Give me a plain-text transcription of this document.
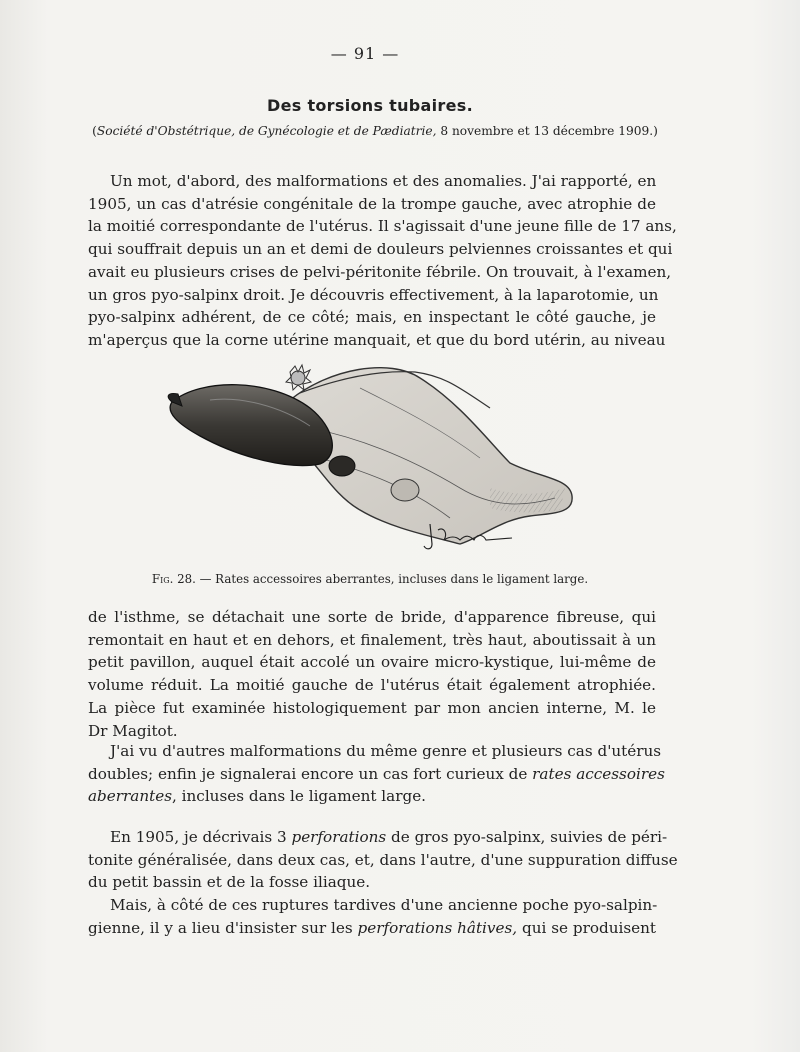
— 91 —
Des torsions tubaires.
(Société d'Obstétrique, de Gynécologie et de Pædiatrie, 8 novembre et 13 décembre 1909.)
Un mot, d'abord, des malformations et des anomalies. J'ai rapporté, en
1905, un cas d'atrésie congénitale de la trompe gauche, avec atrophie de
la moitié correspondante de l'utérus. Il s'agissait d'une jeune fille de 17 ans,
qui souffrait depuis un an et demi de douleurs pelviennes croissantes et qui
avait eu plusieurs crises de pelvi-péritonite fébrile. On trouvait, à l'examen,
un gros pyo-salpinx droit. Je découvris effectivement, à la laparotomie, un
pyo-salpinx adhérent, de ce côté; mais, en inspectant le côté gauche, je
m'aperçus que la corne utérine manquait, et que du bord utérin, au niveau
Fig. 28. — Rates accessoires aberrantes, incluses dans le ligament large.
de l'isthme, se détachait une sorte de bride, d'apparence fibreuse, qui
remontait en haut et en dehors, et finalement, très haut, aboutissait à un
petit pavillon, auquel était accolé un ovaire micro-kystique, lui-même de
volume réduit. La moitié gauche de l'utérus était également atrophiée.
La pièce fut examinée histologiquement par mon ancien interne, M. le
Dr Magitot.
J'ai vu d'autres malformations du même genre et plusieurs cas d'utérus
doubles; enfin je signalerai encore un cas fort curieux de rates accessoires
aberrantes, incluses dans le ligament large.
En 1905, je décrivais 3 perforations de gros pyo-salpinx, suivies de péri-
tonite généralisée, dans deux cas, et, dans l'autre, d'une suppuration diffuse
du petit bassin et de la fosse iliaque.
Mais, à côté de ces ruptures tardives d'une ancienne poche pyo-salpin-
gienne, il y a lieu d'insister sur les perforations hâtives, qui se produisent
